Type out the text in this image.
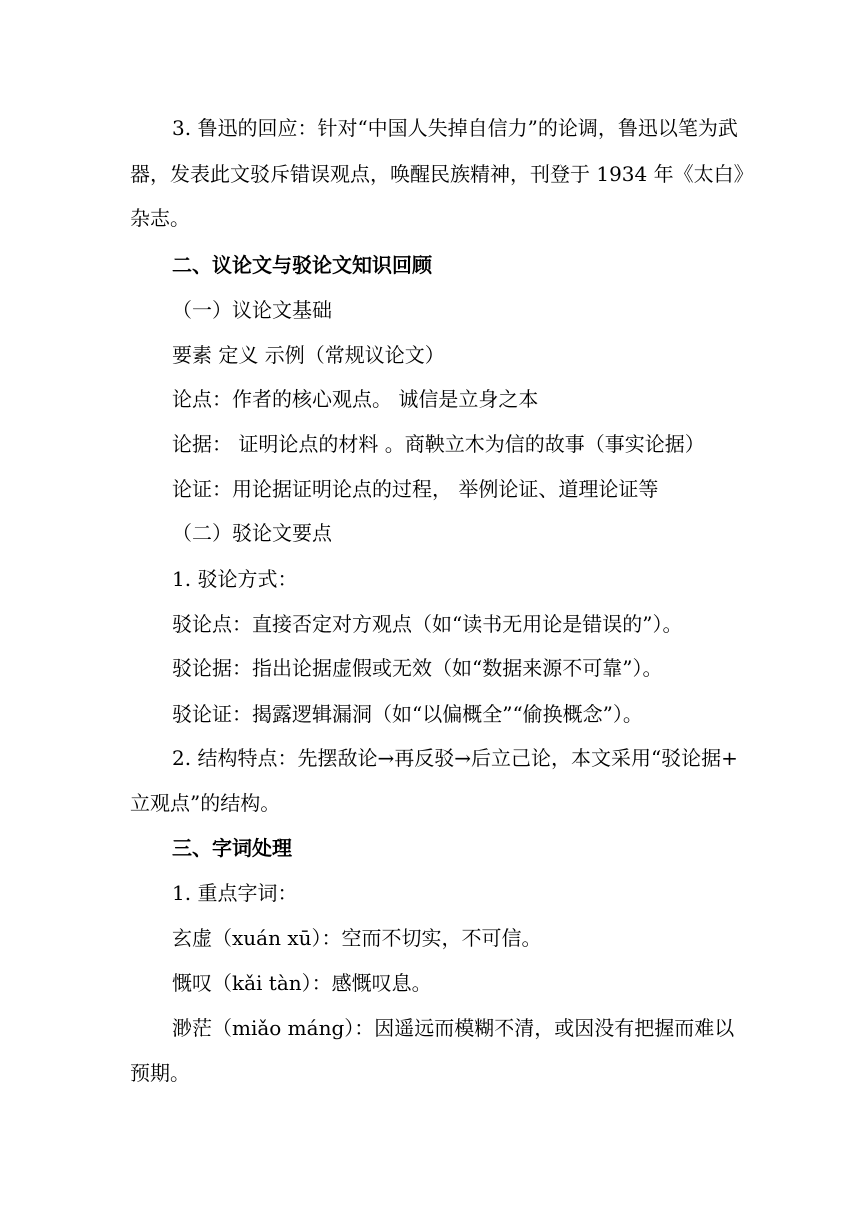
3. 鲁迅的回应：针对“中国人失掉自信力”的论调，鲁迅以笔为武
器，发表此文驳斥错误观点，唤醒民族精神，刊登于 1934 年《太白》
杂志。
二、议论文与驳论文知识回顾
（一）议论文基础
要素 定义 示例（常规议论文）
论点：作者的核心观点。 诚信是立身之本
论据： 证明论点的材料 。商鞅立木为信的故事（事实论据）
论证：用论据证明论点的过程， 举例论证、道理论证等
（二）驳论文要点
1. 驳论方式：
驳论点：直接否定对方观点（如“读书无用论是错误的”）。
驳论据：指出论据虚假或无效（如“数据来源不可靠”）。
驳论证：揭露逻辑漏洞（如“以偏概全”“偷换概念”）。
2. 结构特点：先摆敌论→再反驳→后立己论，本文采用“驳论据+
立观点”的结构。
三、字词处理
1. 重点字词：
玄虚（xuán xū）：空而不切实，不可信。
慨叹（kǎi tàn）：感慨叹息。
渺茫（miǎo máng）：因遥远而模糊不清，或因没有把握而难以
预期。
